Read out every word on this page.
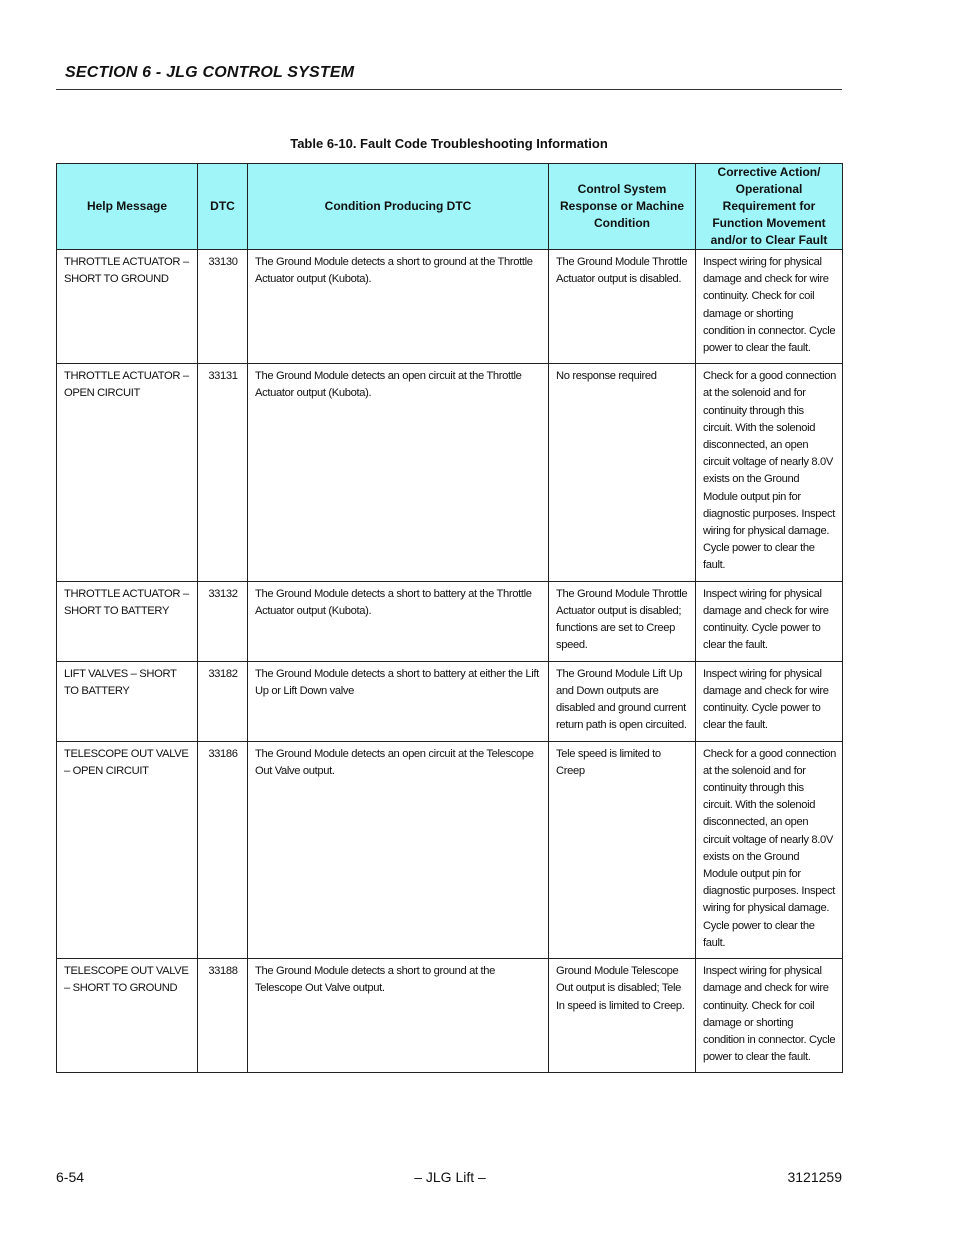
SECTION 6 - JLG CONTROL SYSTEM
Table 6-10. Fault Code Troubleshooting Information
Help Message	DTC	Condition Producing DTC	Control System Response or Machine Condition	Corrective Action/ Operational Requirement for Function Movement and/or to Clear Fault
THROTTLE ACTUATOR – SHORT TO GROUND	33130	The Ground Module detects a short to ground at the Throttle Actuator output (Kubota).	The Ground Module Throttle Actuator output is disabled.	Inspect wiring for physical damage and check for wire continuity. Check for coil damage or shorting condition in connector. Cycle power to clear the fault.
THROTTLE ACTUATOR – OPEN CIRCUIT	33131	The Ground Module detects an open circuit at the Throttle Actuator output (Kubota).	No response required	Check for a good connection at the solenoid and for continuity through this circuit. With the solenoid disconnected, an open circuit voltage of nearly 8.0V exists on the Ground Module output pin for diagnostic purposes. Inspect wiring for physical damage. Cycle power to clear the fault.
THROTTLE ACTUATOR – SHORT TO BATTERY	33132	The Ground Module detects a short to battery at the Throttle Actuator output (Kubota).	The Ground Module Throttle Actuator output is disabled; functions are set to Creep speed.	Inspect wiring for physical damage and check for wire continuity. Cycle power to clear the fault.
LIFT VALVES – SHORT TO BATTERY	33182	The Ground Module detects a short to battery at either the Lift Up or Lift Down valve	The Ground Module Lift Up and Down outputs are disabled and ground current return path is open circuited.	Inspect wiring for physical damage and check for wire continuity. Cycle power to clear the fault.
TELESCOPE OUT VALVE – OPEN CIRCUIT	33186	The Ground Module detects an open circuit at the Telescope Out Valve output.	Tele speed is limited to Creep	Check for a good connection at the solenoid and for continuity through this circuit. With the solenoid disconnected, an open circuit voltage of nearly 8.0V exists on the Ground Module output pin for diagnostic purposes. Inspect wiring for physical damage. Cycle power to clear the fault.
TELESCOPE OUT VALVE – SHORT TO GROUND	33188	The Ground Module detects a short to ground at the Telescope Out Valve output.	Ground Module Telescope Out output is disabled; Tele In speed is limited to Creep.	Inspect wiring for physical damage and check for wire continuity. Check for coil damage or shorting condition in connector. Cycle power to clear the fault.
6-54	– JLG Lift –	3121259
